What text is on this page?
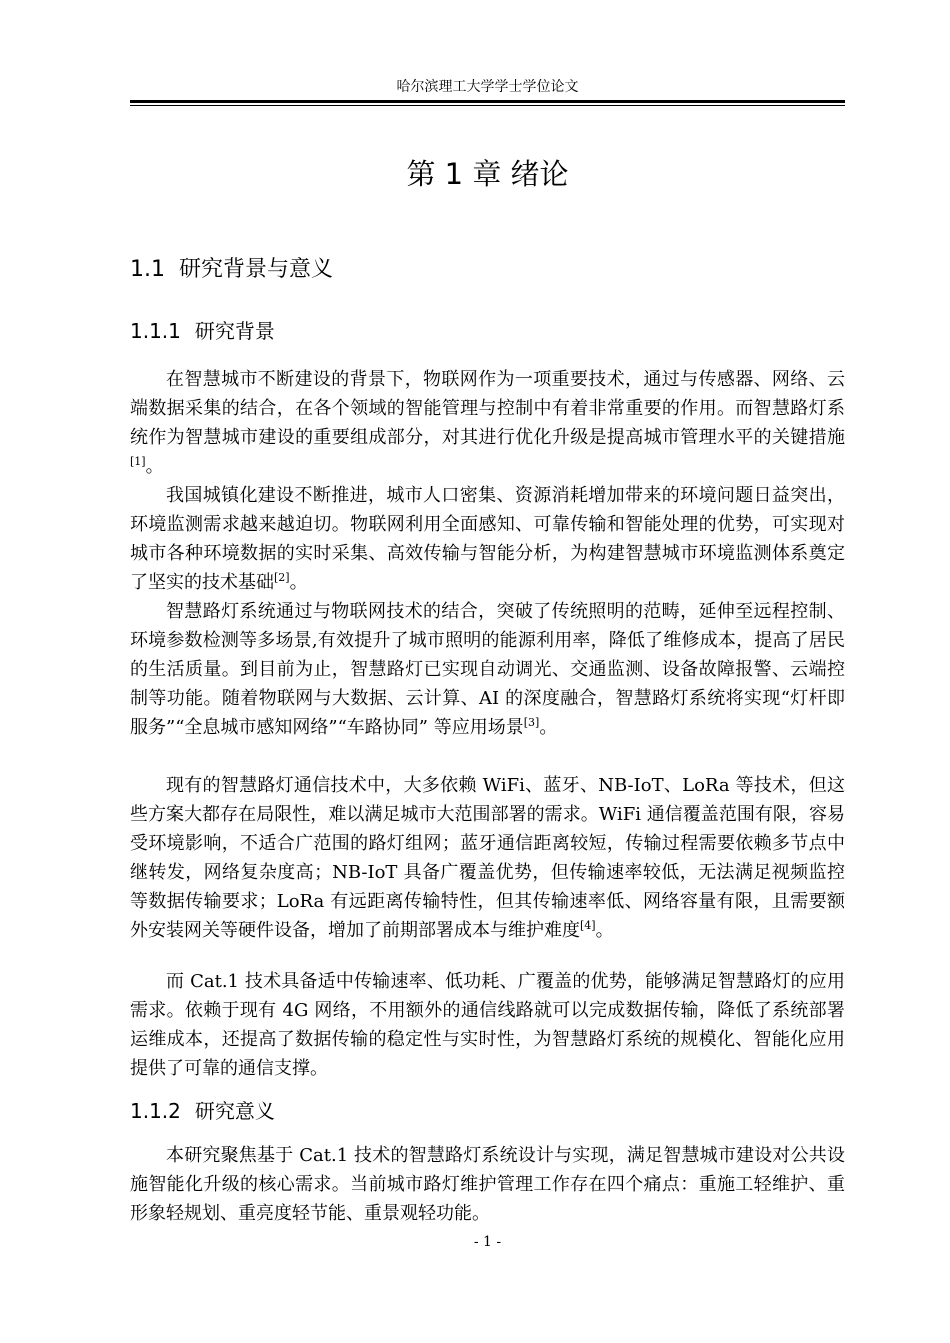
哈尔滨理工大学学士学位论文
第 1 章 绪论
1.1 研究背景与意义
1.1.1 研究背景

在智慧城市不断建设的背景下，物联网作为一项重要技术，通过与传感器、网络、云端数据采集的结合，在各个领域的智能管理与控制中有着非常重要的作用。而智慧路灯系统作为智慧城市建设的重要组成部分，对其进行优化升级是提高城市管理水平的关键措施[1]。

我国城镇化建设不断推进，城市人口密集、资源消耗增加带来的环境问题日益突出，环境监测需求越来越迫切。物联网利用全面感知、可靠传输和智能处理的优势，可实现对城市各种环境数据的实时采集、高效传输与智能分析，为构建智慧城市环境监测体系奠定了坚实的技术基础[2]。

智慧路灯系统通过与物联网技术的结合，突破了传统照明的范畴，延伸至远程控制、环境参数检测等多场景,有效提升了城市照明的能源利用率，降低了维修成本，提高了居民的生活质量。到目前为止，智慧路灯已实现自动调光、交通监测、设备故障报警、云端控制等功能。随着物联网与大数据、云计算、AI 的深度融合，智慧路灯系统将实现“灯杆即服务”“全息城市感知网络”“车路协同” 等应用场景[3]。

现有的智慧路灯通信技术中，大多依赖 WiFi、蓝牙、NB-IoT、LoRa 等技术，但这些方案大都存在局限性，难以满足城市大范围部署的需求。WiFi 通信覆盖范围有限，容易受环境影响，不适合广范围的路灯组网；蓝牙通信距离较短，传输过程需要依赖多节点中继转发，网络复杂度高；NB-IoT 具备广覆盖优势，但传输速率较低，无法满足视频监控等数据传输要求；LoRa 有远距离传输特性，但其传输速率低、网络容量有限，且需要额外安装网关等硬件设备，增加了前期部署成本与维护难度[4]。

而 Cat.1 技术具备适中传输速率、低功耗、广覆盖的优势，能够满足智慧路灯的应用需求。依赖于现有 4G 网络，不用额外的通信线路就可以完成数据传输，降低了系统部署运维成本，还提高了数据传输的稳定性与实时性，为智慧路灯系统的规模化、智能化应用提供了可靠的通信支撑。

1.1.2 研究意义

本研究聚焦基于 Cat.1 技术的智慧路灯系统设计与实现，满足智慧城市建设对公共设施智能化升级的核心需求。当前城市路灯维护管理工作存在四个痛点：重施工轻维护、重形象轻规划、重亮度轻节能、重景观轻功能。

- 1 -
